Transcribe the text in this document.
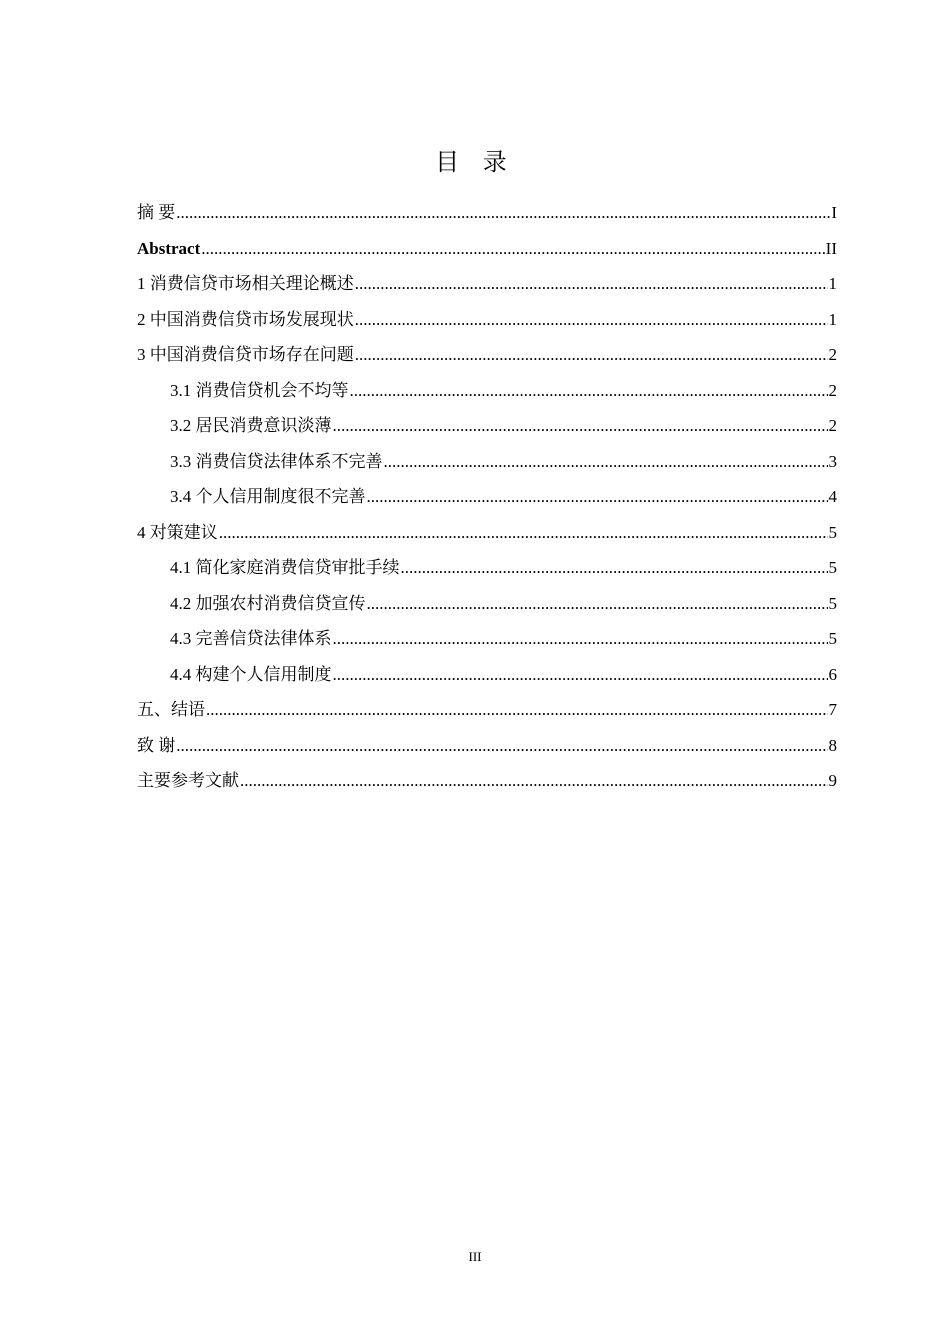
目 录
摘 要 .....	I
Abstract .....	II
1 消费信贷市场相关理论概述 .....	1
2 中国消费信贷市场发展现状 .....	1
3 中国消费信贷市场存在问题 .....	2
3.1 消费信贷机会不均等 .....	2
3.2 居民消费意识淡薄 .....	2
3.3 消费信贷法律体系不完善 .....	3
3.4 个人信用制度很不完善 .....	4
4 对策建议 .....	5
4.1 简化家庭消费信贷审批手续 .....	5
4.2 加强农村消费信贷宣传 .....	5
4.3 完善信贷法律体系 .....	5
4.4 构建个人信用制度 .....	6
五、结语 .....	7
致 谢 .....	8
主要参考文献 .....	9
III
